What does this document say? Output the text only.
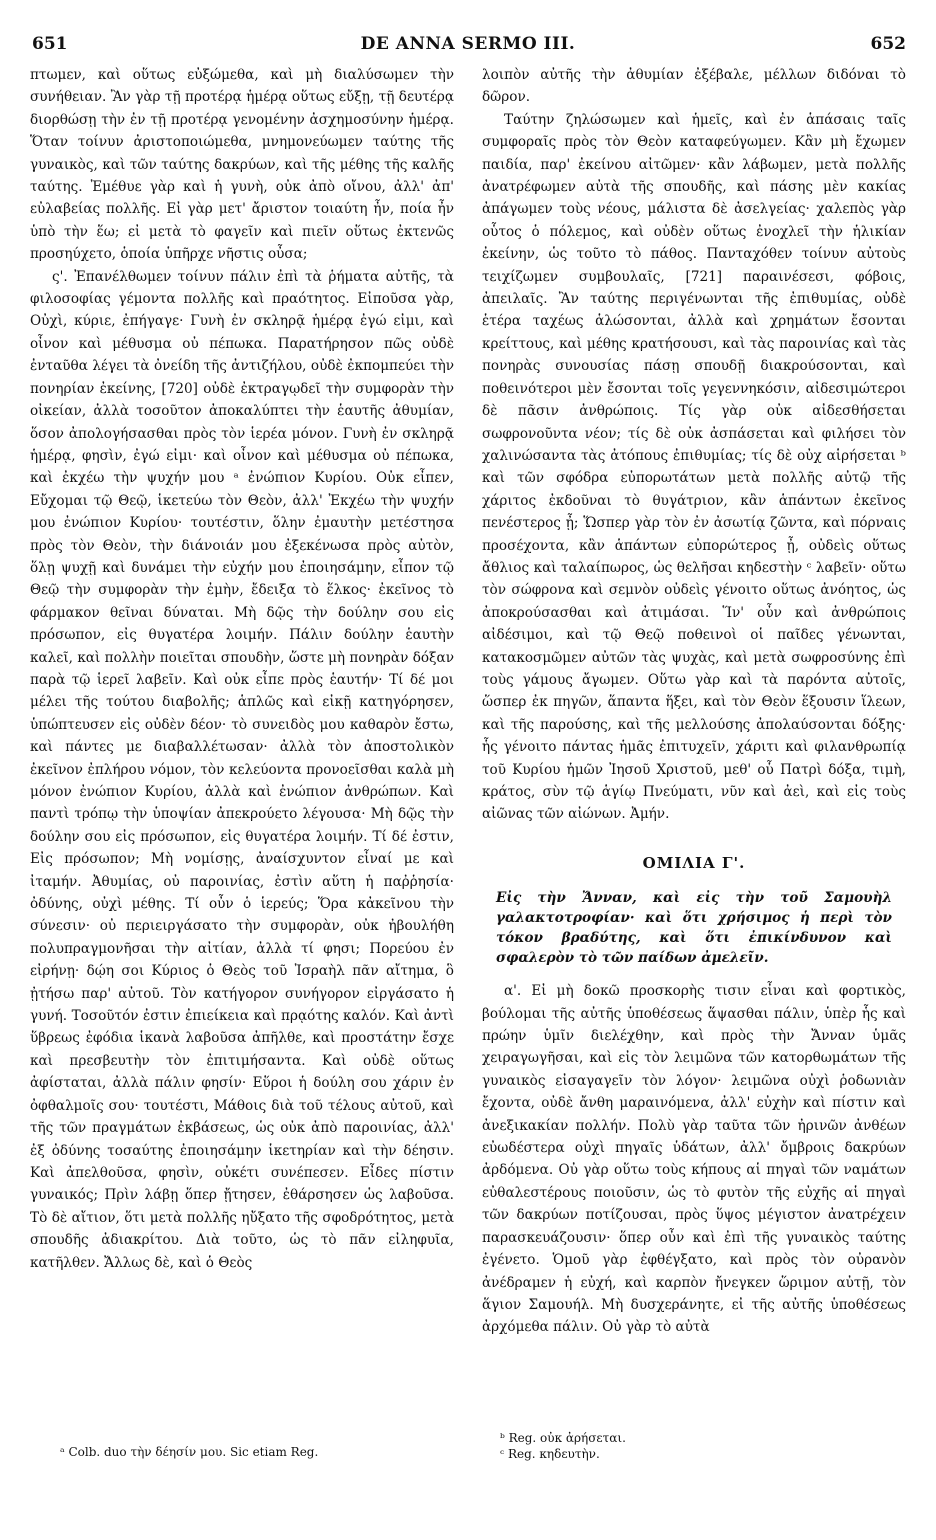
651	DE ANNA SERMO III.	652

πτωμεν, καὶ οὕτως εὐξώμεθα, καὶ μὴ διαλύσωμεν τὴν συνήθειαν. Ἂν γὰρ τῇ προτέρᾳ ἡμέρᾳ οὕτως εὔξῃ, τῇ δευτέρᾳ διορθώσῃ τὴν ἐν τῇ προτέρᾳ γενομένην ἀσχημοσύνην ἡμέρᾳ. Ὅταν τοίνυν ἀριστοποιώμεθα, μνημονεύωμεν ταύτης τῆς γυναικὸς, καὶ τῶν ταύτης δακρύων, καὶ τῆς μέθης τῆς καλῆς ταύτης. Ἐμέθυε γὰρ καὶ ἡ γυνὴ, οὐκ ἀπὸ οἴνου, ἀλλ' ἀπ' εὐλαβείας πολλῆς. Εἰ γὰρ μετ' ἄριστον τοιαύτη ἦν, ποία ἦν ὑπὸ τὴν ἕω; εἰ μετὰ τὸ φαγεῖν καὶ πιεῖν οὕτως ἐκτενῶς προσηύχετο, ὁποία ὑπῆρχε νῆστις οὖσα;

ς'. Ἐπανέλθωμεν τοίνυν πάλιν ἐπὶ τὰ ῥήματα αὐτῆς, τὰ φιλοσοφίας γέμοντα πολλῆς καὶ πραότητος. Εἰποῦσα γὰρ, Οὐχὶ, κύριε, ἐπήγαγε· Γυνὴ ἐν σκληρᾷ ἡμέρᾳ ἐγώ εἰμι, καὶ οἶνον καὶ μέθυσμα οὐ πέπωκα. Παρατήρησον πῶς οὐδὲ ἐνταῦθα λέγει τὰ ὀνείδη τῆς ἀντιζήλου, οὐδὲ ἐκπομπεύει τὴν πονηρίαν ἐκείνης, [720] οὐδὲ ἐκτραγῳδεῖ τὴν συμφορὰν τὴν οἰκείαν, ἀλλὰ τοσοῦτον ἀποκαλύπτει τὴν ἑαυτῆς ἀθυμίαν, ὅσον ἀπολογήσασθαι πρὸς τὸν ἱερέα μόνον. Γυνὴ ἐν σκληρᾷ ἡμέρᾳ, φησὶν, ἐγώ εἰμι· καὶ οἶνον καὶ μέθυσμα οὐ πέπωκα, καὶ ἐκχέω τὴν ψυχήν μου ᵃ ἐνώπιον Κυρίου. Οὐκ εἶπεν, Εὔχομαι τῷ Θεῷ, ἱκετεύω τὸν Θεὸν, ἀλλ' Ἐκχέω τὴν ψυχήν μου ἐνώπιον Κυρίου· τουτέστιν, ὅλην ἐμαυτὴν μετέστησα πρὸς τὸν Θεὸν, τὴν διάνοιάν μου ἐξεκένωσα πρὸς αὐτὸν, ὅλῃ ψυχῇ καὶ δυνάμει τὴν εὐχήν μου ἐποιησάμην, εἶπον τῷ Θεῷ τὴν συμφορὰν τὴν ἐμὴν, ἔδειξα τὸ ἕλκος· ἐκεῖνος τὸ φάρμακον θεῖναι δύναται. Μὴ δῷς τὴν δούλην σου εἰς πρόσωπον, εἰς θυγατέρα λοιμήν. Πάλιν δούλην ἑαυτὴν καλεῖ, καὶ πολλὴν ποιεῖται σπουδὴν, ὥστε μὴ πονηρὰν δόξαν παρὰ τῷ ἱερεῖ λαβεῖν. Καὶ οὐκ εἶπε πρὸς ἑαυτήν· Τί δέ μοι μέλει τῆς τούτου διαβολῆς; ἁπλῶς καὶ εἰκῇ κατηγόρησεν, ὑπώπτευσεν εἰς οὐδὲν δέον· τὸ συνειδὸς μου καθαρὸν ἔστω, καὶ πάντες με διαβαλλέτωσαν· ἀλλὰ τὸν ἀποστολικὸν ἐκεῖνον ἐπλήρου νόμον, τὸν κελεύοντα προνοεῖσθαι καλὰ μὴ μόνον ἐνώπιον Κυρίου, ἀλλὰ καὶ ἐνώπιον ἀνθρώπων. Καὶ παντὶ τρόπῳ τὴν ὑποψίαν ἀπεκρούετο λέγουσα· Μὴ δῷς τὴν δούλην σου εἰς πρόσωπον, εἰς θυγατέρα λοιμήν. Τί δέ ἐστιν, Εἰς πρόσωπον; Μὴ νομίσῃς, ἀναίσχυντον εἶναί με καὶ ἰταμήν. Ἀθυμίας, οὐ παροινίας, ἐστὶν αὕτη ἡ παῤῥησία· ὀδύνης, οὐχὶ μέθης. Τί οὖν ὁ ἱερεύς; Ὅρα κἀκεῖνου τὴν σύνεσιν· οὐ περιειργάσατο τὴν συμφορὰν, οὐκ ἠβουλήθη πολυπραγμονῆσαι τὴν αἰτίαν, ἀλλὰ τί φησι; Πορεύου ἐν εἰρήνῃ· δῴη σοι Κύριος ὁ Θεὸς τοῦ Ἰσραὴλ πᾶν αἴτημα, ὃ ᾐτήσω παρ' αὐτοῦ. Τὸν κατήγορον συνήγορον εἰργάσατο ἡ γυνή. Τοσοῦτόν ἐστιν ἐπιείκεια καὶ πρᾳότης καλόν. Καὶ ἀντὶ ὕβρεως ἐφόδια ἱκανὰ λαβοῦσα ἀπῆλθε, καὶ προστάτην ἔσχε καὶ πρεσβευτὴν τὸν ἐπιτιμήσαντα. Καὶ οὐδὲ οὕτως ἀφίσταται, ἀλλὰ πάλιν φησίν· Εὕροι ἡ δούλη σου χάριν ἐν ὀφθαλμοῖς σου· τουτέστι, Μάθοις διὰ τοῦ τέλους αὐτοῦ, καὶ τῆς τῶν πραγμάτων ἐκβάσεως, ὡς οὐκ ἀπὸ παροινίας, ἀλλ' ἐξ ὀδύνης τοσαύτης ἐποιησάμην ἱκετηρίαν καὶ τὴν δέησιν. Καὶ ἀπελθοῦσα, φησὶν, οὐκέτι συνέπεσεν. Εἶδες πίστιν γυναικός; Πρὶν λάβῃ ὅπερ ᾔτησεν, ἐθάρσησεν ὡς λαβοῦσα. Τὸ δὲ αἴτιον, ὅτι μετὰ πολλῆς ηὔξατο τῆς σφοδρότητος, μετὰ σπουδῆς ἀδιακρίτου. Διὰ τοῦτο, ὡς τὸ πᾶν εἰληφυῖα, κατῆλθεν. Ἄλλως δὲ, καὶ ὁ Θεὸς

λοιπὸν αὐτῆς τὴν ἀθυμίαν ἐξέβαλε, μέλλων διδόναι τὸ δῶρον.

Ταύτην ζηλώσωμεν καὶ ἡμεῖς, καὶ ἐν ἁπάσαις ταῖς συμφοραῖς πρὸς τὸν Θεὸν καταφεύγωμεν. Κἂν μὴ ἔχωμεν παιδία, παρ' ἐκείνου αἰτῶμεν· κἂν λάβωμεν, μετὰ πολλῆς ἀνατρέφωμεν αὐτὰ τῆς σπουδῆς, καὶ πάσης μὲν κακίας ἀπάγωμεν τοὺς νέους, μάλιστα δὲ ἀσελγείας· χαλεπὸς γὰρ οὗτος ὁ πόλεμος, καὶ οὐδὲν οὕτως ἐνοχλεῖ τὴν ἡλικίαν ἐκείνην, ὡς τοῦτο τὸ πάθος. Πανταχόθεν τοίνυν αὐτοὺς τειχίζωμεν συμβουλαῖς, [721] παραινέσεσι, φόβοις, ἀπειλαῖς. Ἂν ταύτης περιγένωνται τῆς ἐπιθυμίας, οὐδὲ ἑτέρα ταχέως ἁλώσονται, ἀλλὰ καὶ χρημάτων ἔσονται κρείττους, καὶ μέθης κρατήσουσι, καὶ τὰς παροινίας καὶ τὰς πονηρὰς συνουσίας πάσῃ σπουδῇ διακρούσονται, καὶ ποθεινότεροι μὲν ἔσονται τοῖς γεγεννηκόσιν, αἰδεσιμώτεροι δὲ πᾶσιν ἀνθρώποις. Τίς γὰρ οὐκ αἰδεσθήσεται σωφρονοῦντα νέον; τίς δὲ οὐκ ἀσπάσεται καὶ φιλήσει τὸν χαλινώσαντα τὰς ἀτόπους ἐπιθυμίας; τίς δὲ οὐχ αἱρήσεται ᵇ καὶ τῶν σφόδρα εὐπορωτάτων μετὰ πολλῆς αὐτῷ τῆς χάριτος ἐκδοῦναι τὸ θυγάτριον, κἂν ἁπάντων ἐκεῖνος πενέστερος ᾖ; Ὥσπερ γὰρ τὸν ἐν ἀσωτίᾳ ζῶντα, καὶ πόρναις προσέχοντα, κἂν ἁπάντων εὐπορώτερος ᾖ, οὐδεὶς οὕτως ἄθλιος καὶ ταλαίπωρος, ὡς θελῆσαι κηδεστὴν ᶜ λαβεῖν· οὕτω τὸν σώφρονα καὶ σεμνὸν οὐδεὶς γένοιτο οὕτως ἀνόητος, ὡς ἀποκρούσασθαι καὶ ἀτιμάσαι. Ἵν' οὖν καὶ ἀνθρώποις αἰδέσιμοι, καὶ τῷ Θεῷ ποθεινοὶ οἱ παῖδες γένωνται, κατακοσμῶμεν αὐτῶν τὰς ψυχὰς, καὶ μετὰ σωφροσύνης ἐπὶ τοὺς γάμους ἄγωμεν. Οὕτω γὰρ καὶ τὰ παρόντα αὐτοῖς, ὥσπερ ἐκ πηγῶν, ἅπαντα ἥξει, καὶ τὸν Θεὸν ἕξουσιν ἵλεων, καὶ τῆς παρούσης, καὶ τῆς μελλούσης ἀπολαύσονται δόξης· ἧς γένοιτο πάντας ἡμᾶς ἐπιτυχεῖν, χάριτι καὶ φιλανθρωπίᾳ τοῦ Κυρίου ἡμῶν Ἰησοῦ Χριστοῦ, μεθ' οὗ Πατρὶ δόξα, τιμὴ, κράτος, σὺν τῷ ἁγίῳ Πνεύματι, νῦν καὶ ἀεὶ, καὶ εἰς τοὺς αἰῶνας τῶν αἰώνων. Ἀμήν.

ΟΜΙΛΙΑ Γ'.
Εἰς τὴν Ἄνναν, καὶ εἰς τὴν τοῦ Σαμουὴλ γαλακτοτροφίαν· καὶ ὅτι χρήσιμος ἡ περὶ τὸν τόκον βραδύτης, καὶ ὅτι ἐπικίνδυνον καὶ σφαλερὸν τὸ τῶν παίδων ἀμελεῖν.

α'. Εἰ μὴ δοκῶ προσκορὴς τισιν εἶναι καὶ φορτικὸς, βούλομαι τῆς αὐτῆς ὑποθέσεως ἅψασθαι πάλιν, ὑπὲρ ἧς καὶ πρώην ὑμῖν διελέχθην, καὶ πρὸς τὴν Ἄνναν ὑμᾶς χειραγωγῆσαι, καὶ εἰς τὸν λειμῶνα τῶν κατορθωμάτων τῆς γυναικὸς εἰσαγαγεῖν τὸν λόγον· λειμῶνα οὐχὶ ῥοδωνιὰν ἔχοντα, οὐδὲ ἄνθη μαραινόμενα, ἀλλ' εὐχὴν καὶ πίστιν καὶ ἀνεξικακίαν πολλήν. Πολὺ γὰρ ταῦτα τῶν ἠρινῶν ἀνθέων εὐωδέστερα οὐχὶ πηγαῖς ὑδάτων, ἀλλ' ὄμβροις δακρύων ἀρδόμενα. Οὐ γὰρ οὕτω τοὺς κήπους αἱ πηγαὶ τῶν ναμάτων εὐθαλεστέρους ποιοῦσιν, ὡς τὸ φυτὸν τῆς εὐχῆς αἱ πηγαὶ τῶν δακρύων ποτίζουσαι, πρὸς ὕψος μέγιστον ἀνατρέχειν παρασκευάζουσιν· ὅπερ οὖν καὶ ἐπὶ τῆς γυναικὸς ταύτης ἐγένετο. Ὁμοῦ γὰρ ἐφθέγξατο, καὶ πρὸς τὸν οὐρανὸν ἀνέδραμεν ἡ εὐχή, καὶ καρπὸν ἤνεγκεν ὥριμον αὐτῇ, τὸν ἅγιον Σαμουήλ. Μὴ δυσχεράνητε, εἰ τῆς αὐτῆς ὑποθέσεως ἀρχόμεθα πάλιν. Οὐ γὰρ τὸ αὐτὰ

ᵃ Colb. duo τὴν δέησίν μου. Sic etiam Reg.
ᵇ Reg. οὐκ ἀρήσεται.
ᶜ Reg. κηδευτὴν.
